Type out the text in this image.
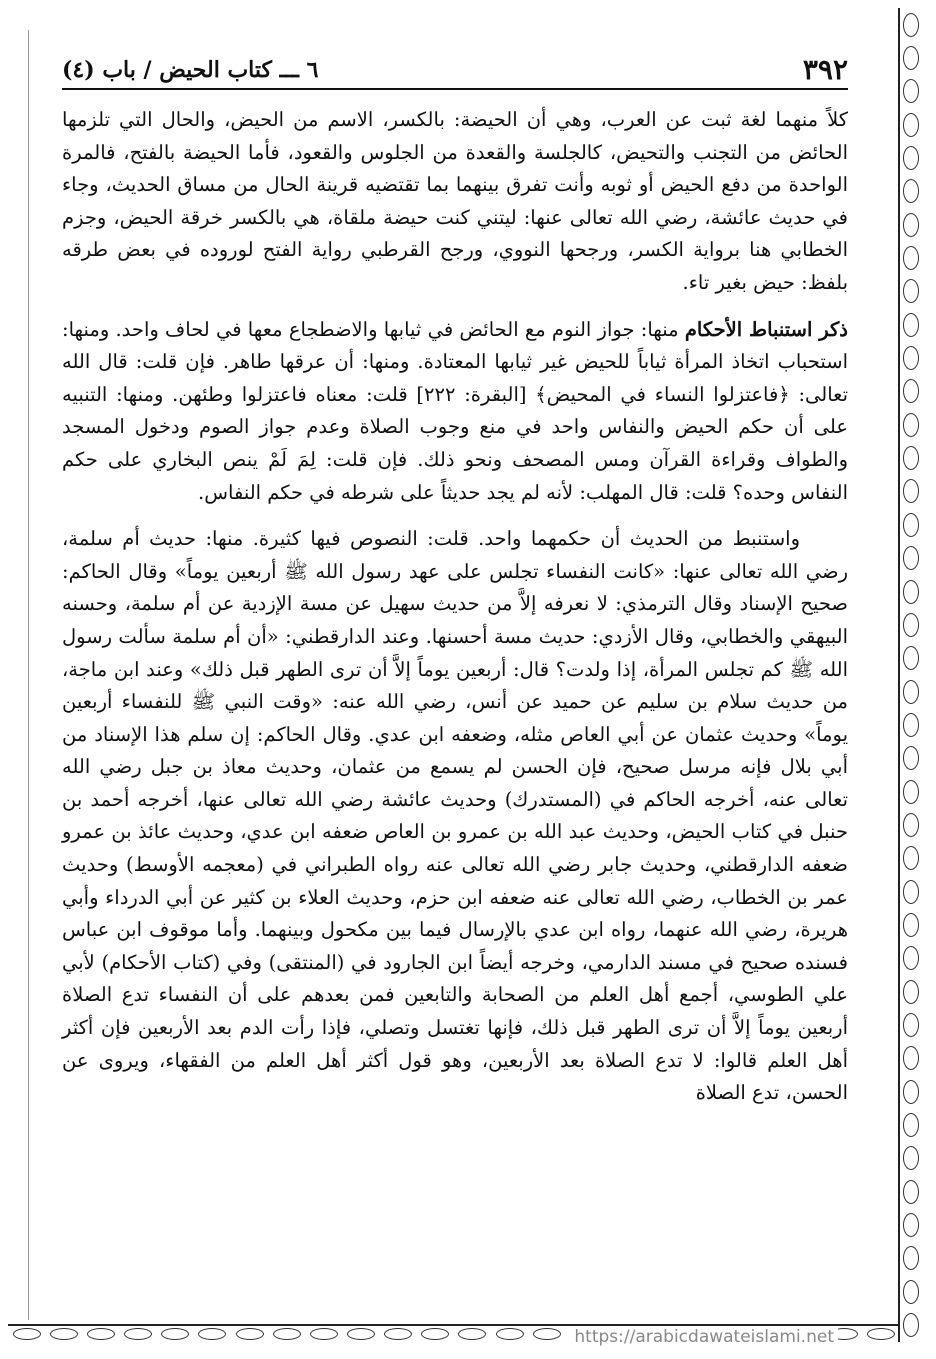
٣٩٢
٦ ـــ كتاب الحيض / باب (٤)

كلاً منهما لغة ثبت عن العرب، وهي أن الحيضة: بالكسر، الاسم من الحيض، والحال التي تلزمها الحائض من التجنب والتحيض، كالجلسة والقعدة من الجلوس والقعود، فأما الحيضة بالفتح، فالمرة الواحدة من دفع الحيض أو ثوبه وأنت تفرق بينهما بما تقتضيه قرينة الحال من مساق الحديث، وجاء في حديث عائشة، رضي الله تعالى عنها: ليتني كنت حيضة ملقاة، هي بالكسر خرقة الحيض، وجزم الخطابي هنا برواية الكسر، ورجحها النووي، ورجح القرطبي رواية الفتح لوروده في بعض طرقه بلفظ: حيض بغير تاء.

ذكر استنباط الأحكام منها: جواز النوم مع الحائض في ثيابها والاضطجاع معها في لحاف واحد. ومنها: استحباب اتخاذ المرأة ثياباً للحيض غير ثيابها المعتادة. ومنها: أن عرقها طاهر. فإن قلت: قال الله تعالى: ﴿فاعتزلوا النساء في المحيض﴾ [البقرة: ٢٢٢] قلت: معناه فاعتزلوا وطئهن. ومنها: التنبيه على أن حكم الحيض والنفاس واحد في منع وجوب الصلاة وعدم جواز الصوم ودخول المسجد والطواف وقراءة القرآن ومس المصحف ونحو ذلك. فإن قلت: لِمَ لَمْ ينص البخاري على حكم النفاس وحده؟ قلت: قال المهلب: لأنه لم يجد حديثاً على شرطه في حكم النفاس.

واستنبط من الحديث أن حكمهما واحد. قلت: النصوص فيها كثيرة. منها: حديث أم سلمة، رضي الله تعالى عنها: «كانت النفساء تجلس على عهد رسول الله ﷺ أربعين يوماً» وقال الحاكم: صحيح الإسناد وقال الترمذي: لا نعرفه إلاَّ من حديث سهيل عن مسة الإزدية عن أم سلمة، وحسنه البيهقي والخطابي، وقال الأزدي: حديث مسة أحسنها. وعند الدارقطني: «أن أم سلمة سألت رسول الله ﷺ كم تجلس المرأة، إذا ولدت؟ قال: أربعين يوماً إلاَّ أن ترى الطهر قبل ذلك» وعند ابن ماجة، من حديث سلام بن سليم عن حميد عن أنس، رضي الله عنه: «وقت النبي ﷺ للنفساء أربعين يوماً» وحديث عثمان عن أبي العاص مثله، وضعفه ابن عدي. وقال الحاكم: إن سلم هذا الإسناد من أبي بلال فإنه مرسل صحيح، فإن الحسن لم يسمع من عثمان، وحديث معاذ بن جبل رضي الله تعالى عنه، أخرجه الحاكم في (المستدرك) وحديث عائشة رضي الله تعالى عنها، أخرجه أحمد بن حنبل في كتاب الحيض، وحديث عبد الله بن عمرو بن العاص ضعفه ابن عدي، وحديث عائذ بن عمرو ضعفه الدارقطني، وحديث جابر رضي الله تعالى عنه رواه الطبراني في (معجمه الأوسط) وحديث عمر بن الخطاب، رضي الله تعالى عنه ضعفه ابن حزم، وحديث العلاء بن كثير عن أبي الدرداء وأبي هريرة، رضي الله عنهما، رواه ابن عدي بالإرسال فيما بين مكحول وبينهما. وأما موقوف ابن عباس فسنده صحيح في مسند الدارمي، وخرجه أيضاً ابن الجارود في (المنتقى) وفي (كتاب الأحكام) لأبي علي الطوسي، أجمع أهل العلم من الصحابة والتابعين فمن بعدهم على أن النفساء تدع الصلاة أربعين يوماً إلاَّ أن ترى الطهر قبل ذلك، فإنها تغتسل وتصلي، فإذا رأت الدم بعد الأربعين فإن أكثر أهل العلم قالوا: لا تدع الصلاة بعد الأربعين، وهو قول أكثر أهل العلم من الفقهاء، ويروى عن الحسن، تدع الصلاة

https://arabicdawateislami.net
